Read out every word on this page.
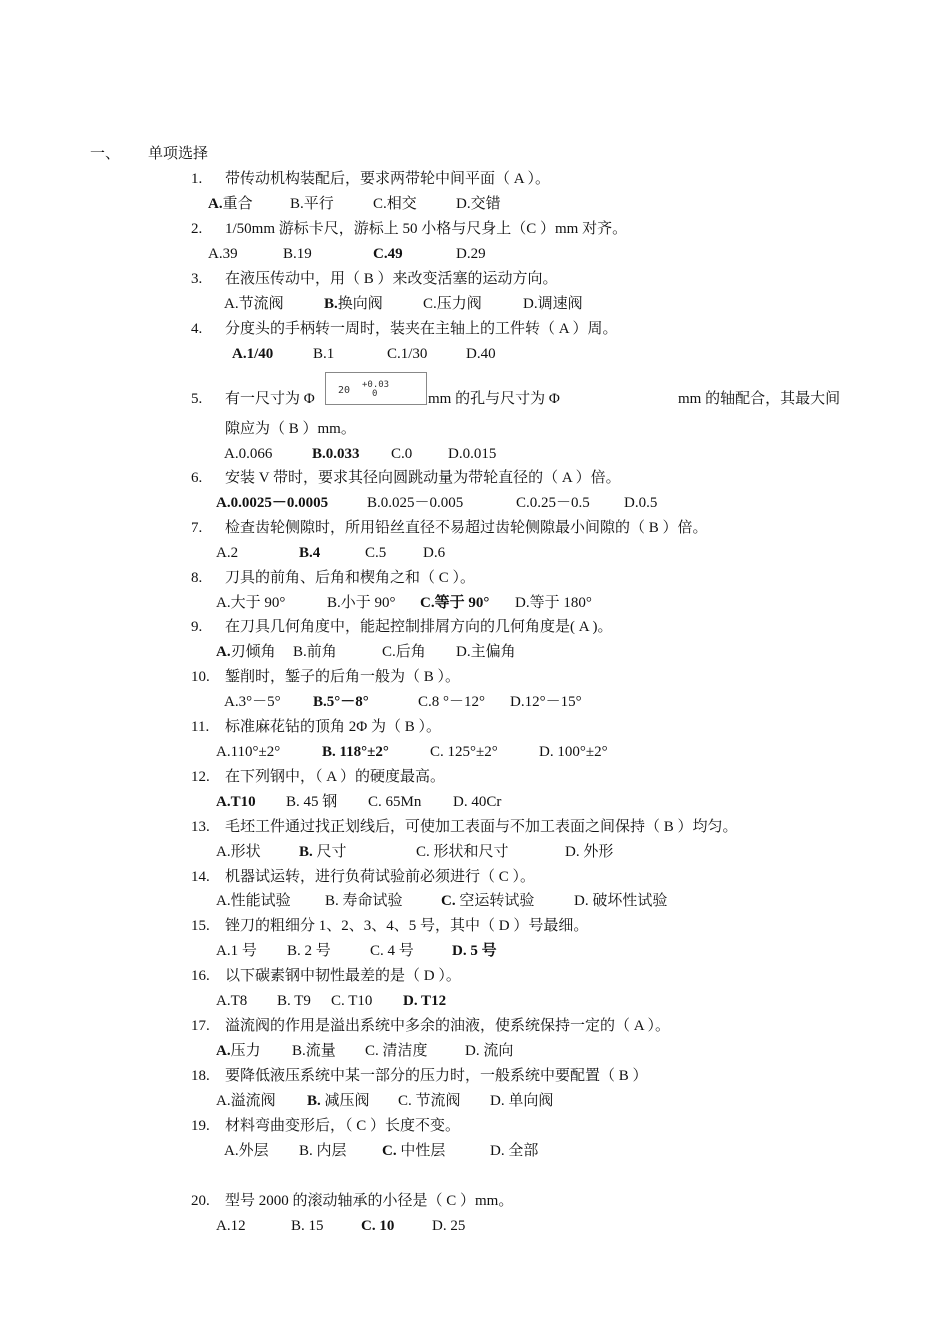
一、 单项选择
1. 带传动机构装配后，要求两带轮中间平面（ A ）。
A.重合 B.平行	C.相交	D.交错
2. 1/50mm 游标卡尺，游标上 50 小格与尺身上（C ）mm 对齐。
A.39	B.19	C.49	D.29
3. 在液压传动中，用（ B ）来改变活塞的运动方向。
A.节流阀	B.换向阀	C.压力阀	D.调速阀
4. 分度头的手柄转一周时，装夹在主轴上的工件转（ A ）周。
A.1/40	B.1	C.1/30	D.40
5. 有一尺寸为 Φ
20 +0.03
0	mm 的孔与尺寸为 Φ	mm 的轴配合，其最大间
隙应为（ B ）mm。
A.0.066	B.0.033 C.0 D.0.015
6. 安装 V 带时，要求其径向圆跳动量为带轮直径的（ A ）倍。
A.0.0025－0.0005	B.0.025－0.005	C.0.25－0.5 D.0.5
7. 检查齿轮侧隙时，所用铅丝直径不易超过齿轮侧隙最小间隙的（ B ）倍。
A.2	B.4	C.5 D.6
8. 刀具的前角、后角和楔角之和（ C ）。
A.大于 90°	B.小于 90° C.等于 90° D.等于 180°
9. 在刀具几何角度中，能起控制排屑方向的几何角度是( A )。
A.刃倾角 B.前角	C.后角 D.主偏角
10. 錾削时，錾子的后角一般为（ B ）。
A.3°－5° B.5°－8°	C.8 °－12° D.12°－15°
11. 标准麻花钻的顶角 2Φ 为（ B ）。
A.110°±2°	B. 118°±2°	C. 125°±2°	D. 100°±2°
12. 在下列钢中，（ A ）的硬度最高。
A.T10 B. 45 钢 C. 65Mn D. 40Cr
13. 毛坯工件通过找正划线后，可使加工表面与不加工表面之间保持（ B ）均匀。
A.形状	B. 尺寸	C. 形状和尺寸	D. 外形
14. 机器试运转，进行负荷试验前必须进行（ C ）。
A.性能试验 B. 寿命试验	C. 空运转试验	D. 破坏性试验
15. 锉刀的粗细分 1、2、3、4、5 号，其中（ D ）号最细。
A.1 号 B. 2 号	C. 4 号	D. 5 号
16. 以下碳素钢中韧性最差的是（ D ）。
A.T8 B. T9 C. T10 D. T12
17. 溢流阀的作用是溢出系统中多余的油液，使系统保持一定的（ A ）。
A.压力 B.流量 C. 清洁度 D. 流向
18. 要降低液压系统中某一部分的压力时，一般系统中要配置（ B ）
A.溢流阀 B. 减压阀 C. 节流阀 D. 单向阀
19. 材料弯曲变形后，（ C ）长度不变。
A.外层 B. 内层 C. 中性层	D. 全部
20. 型号 2000 的滚动轴承的小径是（ C ）mm。
A.12	B. 15 C. 10	D. 25
